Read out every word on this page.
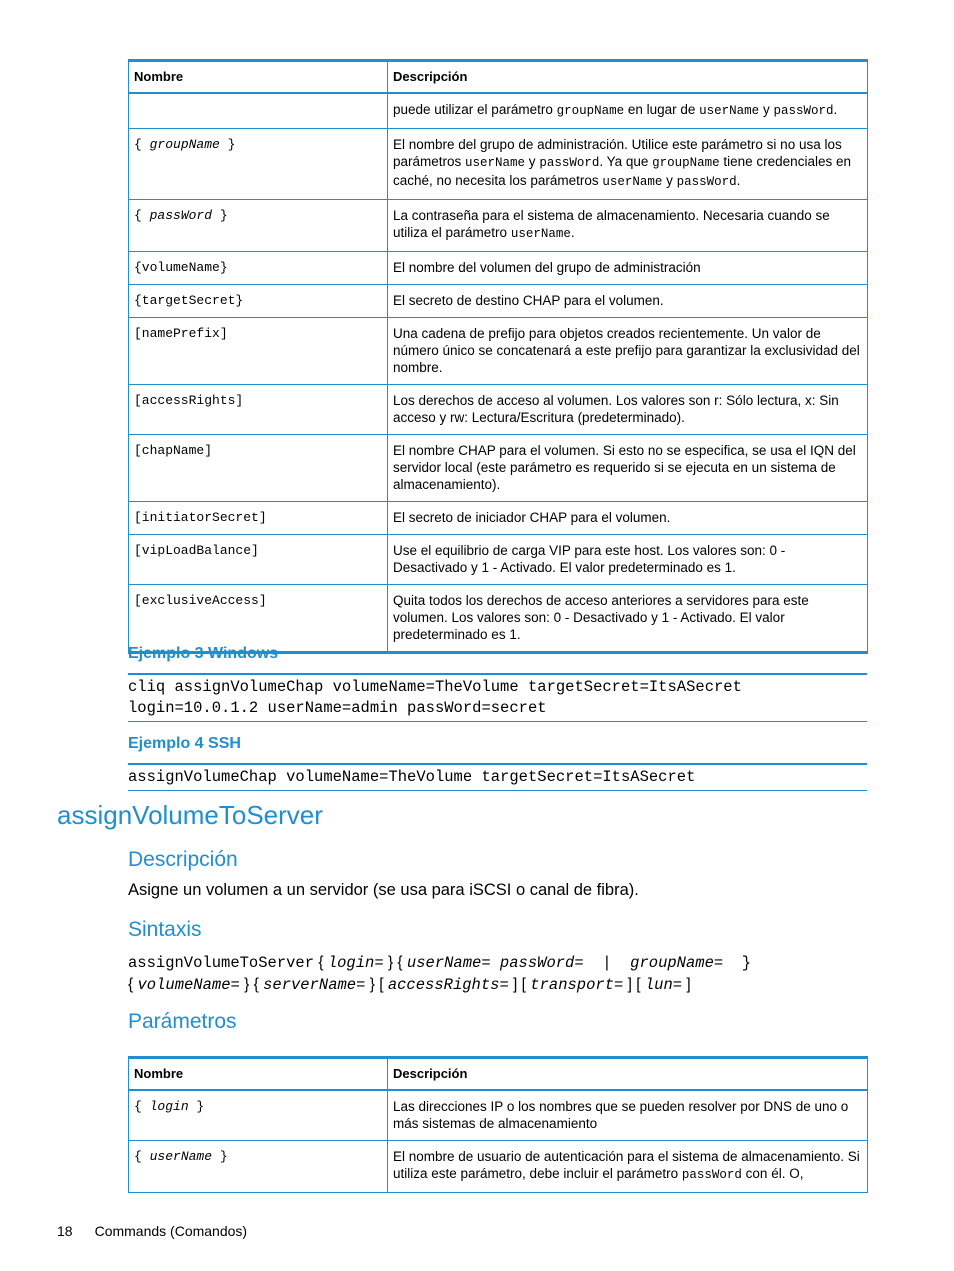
Nombre	Descripción
	puede utilizar el parámetro groupName en lugar de userName y passWord.
{ groupName }	El nombre del grupo de administración. Utilice este parámetro si no usa los parámetros userName y passWord. Ya que groupName tiene credenciales en caché, no necesita los parámetros userName y passWord.
{ passWord }	La contraseña para el sistema de almacenamiento. Necesaria cuando se utiliza el parámetro userName.
{volumeName}	El nombre del volumen del grupo de administración
{targetSecret}	El secreto de destino CHAP para el volumen.
[namePrefix]	Una cadena de prefijo para objetos creados recientemente. Un valor de número único se concatenará a este prefijo para garantizar la exclusividad del nombre.
[accessRights]	Los derechos de acceso al volumen. Los valores son r: Sólo lectura, x: Sin acceso y rw: Lectura/Escritura (predeterminado).
[chapName]	El nombre CHAP para el volumen. Si esto no se especifica, se usa el IQN del servidor local (este parámetro es requerido si se ejecuta en un sistema de almacenamiento).
[initiatorSecret]	El secreto de iniciador CHAP para el volumen.
[vipLoadBalance]	Use el equilibrio de carga VIP para este host. Los valores son: 0 - Desactivado y 1 - Activado. El valor predeterminado es 1.
[exclusiveAccess]	Quita todos los derechos de acceso anteriores a servidores para este volumen. Los valores son: 0 - Desactivado y 1 - Activado. El valor predeterminado es 1.
Ejemplo 3 Windows
cliq assignVolumeChap volumeName=TheVolume targetSecret=ItsASecret
login=10.0.1.2 userName=admin passWord=secret
Ejemplo 4 SSH
assignVolumeChap volumeName=TheVolume targetSecret=ItsASecret
assignVolumeToServer
Descripción
Asigne un volumen a un servidor (se usa para iSCSI o canal de fibra).
Sintaxis
assignVolumeToServer { login= } { userName= passWord=  |  groupName=  }
{ volumeName= } { serverName= } [ accessRights= ] [ transport= ] [ lun= ]
Parámetros
Nombre	Descripción
{ login }	Las direcciones IP o los nombres que se pueden resolver por DNS de uno o más sistemas de almacenamiento
{ userName }	El nombre de usuario de autenticación para el sistema de almacenamiento. Si utiliza este parámetro, debe incluir el parámetro passWord con él. O,
18 Commands (Comandos)
